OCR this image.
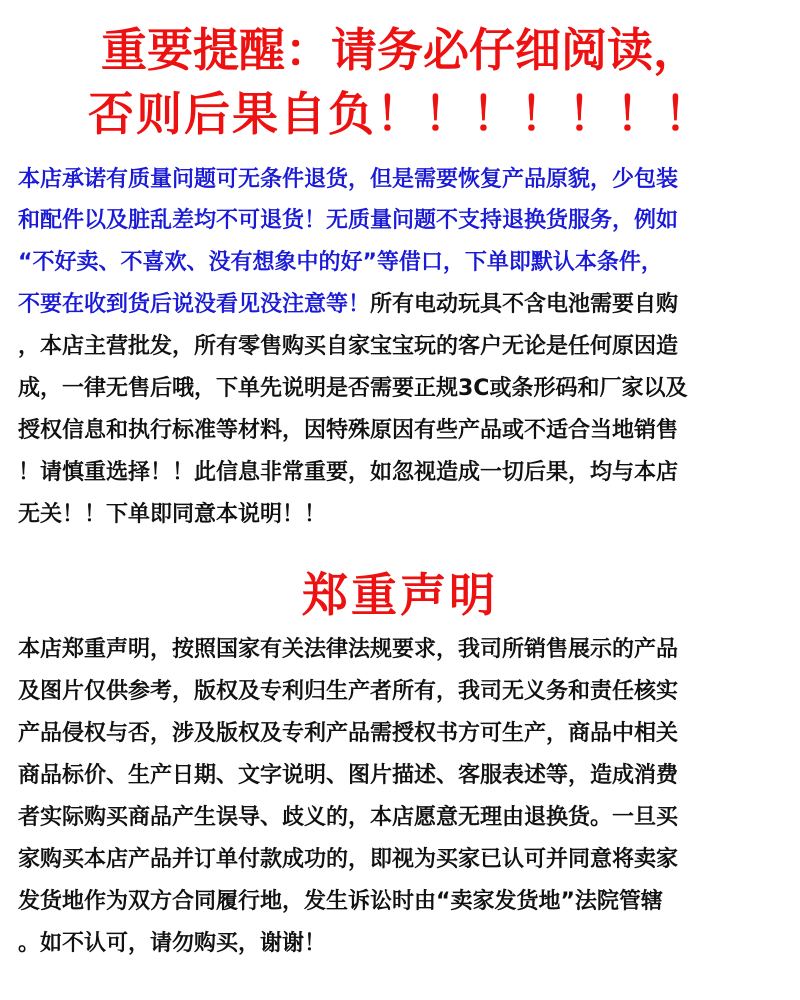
重要提醒：请务必仔细阅读，
否则后果自负！！！！！！！
本店承诺有质量问题可无条件退货，但是需要恢复产品原貌，少包装
和配件以及脏乱差均不可退货！无质量问题不支持退换货服务，例如
“不好卖、不喜欢、没有想象中的好”等借口，下单即默认本条件，
不要在收到货后说没看见没注意等！所有电动玩具不含电池需要自购
，本店主营批发，所有零售购买自家宝宝玩的客户无论是任何原因造
成，一律无售后哦，下单先说明是否需要正规3C或条形码和厂家以及
授权信息和执行标准等材料，因特殊原因有些产品或不适合当地销售
！请慎重选择！！此信息非常重要，如忽视造成一切后果，均与本店
无关！！下单即同意本说明！！
郑重声明
本店郑重声明，按照国家有关法律法规要求，我司所销售展示的产品
及图片仅供参考，版权及专利归生产者所有，我司无义务和责任核实
产品侵权与否，涉及版权及专利产品需授权书方可生产，商品中相关
商品标价、生产日期、文字说明、图片描述、客服表述等，造成消费
者实际购买商品产生误导、歧义的，本店愿意无理由退换货。一旦买
家购买本店产品并订单付款成功的，即视为买家已认可并同意将卖家
发货地作为双方合同履行地，发生诉讼时由“卖家发货地”法院管辖
。如不认可，请勿购买，谢谢！
